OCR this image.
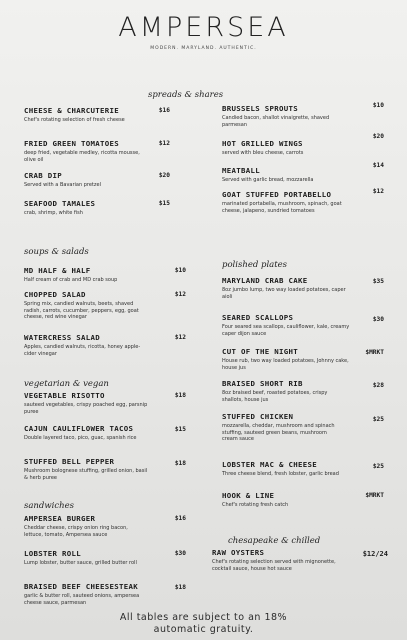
AMPERSEA
MODERN. MARYLAND. AUTHENTIC.
spreads & shares
soups & salads
polished plates
vegetarian & vegan
sandwiches
chesapeake & chilled
CHEESE & CHARCUTERIE
Chef's rotating selection of fresh cheese
$16
FRIED GREEN TOMATOES
deep fried, vegetable medley, ricotta mousse, olive oil
$12
CRAB DIP
Served with a Bavarian pretzel
$20
SEAFOOD TAMALES
crab, shrimp, white fish
$15
BRUSSELS SPROUTS
Candied bacon, shallot vinaigrette, shaved parmesan
$10
HOT GRILLED WINGS
served with bleu cheese, carrots
$20
MEATBALL
Served with garlic bread, mozzarella
$14
GOAT STUFFED PORTABELLO
marinated portabella, mushroom, spinach, goat cheese, jalapeno, sundried tomatoes
$12
MD HALF & HALF
Half cream of crab and MD crab soup
$10
CHOPPED SALAD
Spring mix, candied walnuts, beets, shaved radish, carrots, cucumber, peppers, egg, goat cheese, red wine vinegar
$12
WATERCRESS SALAD
Apples, candied walnuts, ricotta, honey apple-cider vinegar
$12
VEGETABLE RISOTTO
sauteed vegetables, crispy poached egg, parsnip puree
$18
CAJUN CAULIFLOWER TACOS
Double layered taco, pico, guac, spanish rice
$15
STUFFED BELL PEPPER
Mushroom bolognese stuffing, grilled onion, basil & herb puree
$18
AMPERSEA BURGER
Cheddar cheese, crispy onion ring bacon, lettuce, tomato, Ampersea sauce
$16
LOBSTER ROLL
Lump lobster, butter sauce, grilled butter roll
$30
BRAISED BEEF CHEESESTEAK
garlic & butter roll, sauteed onions, ampersea cheese sauce, parmesan
$18
MARYLAND CRAB CAKE
8oz jumbo lump, two way loaded potatoes, caper aioli
$35
SEARED SCALLOPS
Four seared sea scallops, cauliflower, kale, creamy caper dijon sauce
$30
CUT OF THE NIGHT
House rub, two way loaded potatoes, Johnny cake, house jus
$MRKT
BRAISED SHORT RIB
8oz braised beef, roasted potatoes, crispy shallots, house jus
$28
STUFFED CHICKEN
mozzarella, cheddar, mushroom and spinach stuffing, sauteed green beans, mushroom cream sauce
$25
LOBSTER MAC & CHEESE
Three cheese blend, fresh lobster, garlic bread
$25
HOOK & LINE
Chef's rotating fresh catch
$MRKT
RAW OYSTERS
Chef's rotating selection served with mignonette, cocktail sauce, house hot sauce
$12/24
All tables are subject to an 18%
automatic gratuity.
